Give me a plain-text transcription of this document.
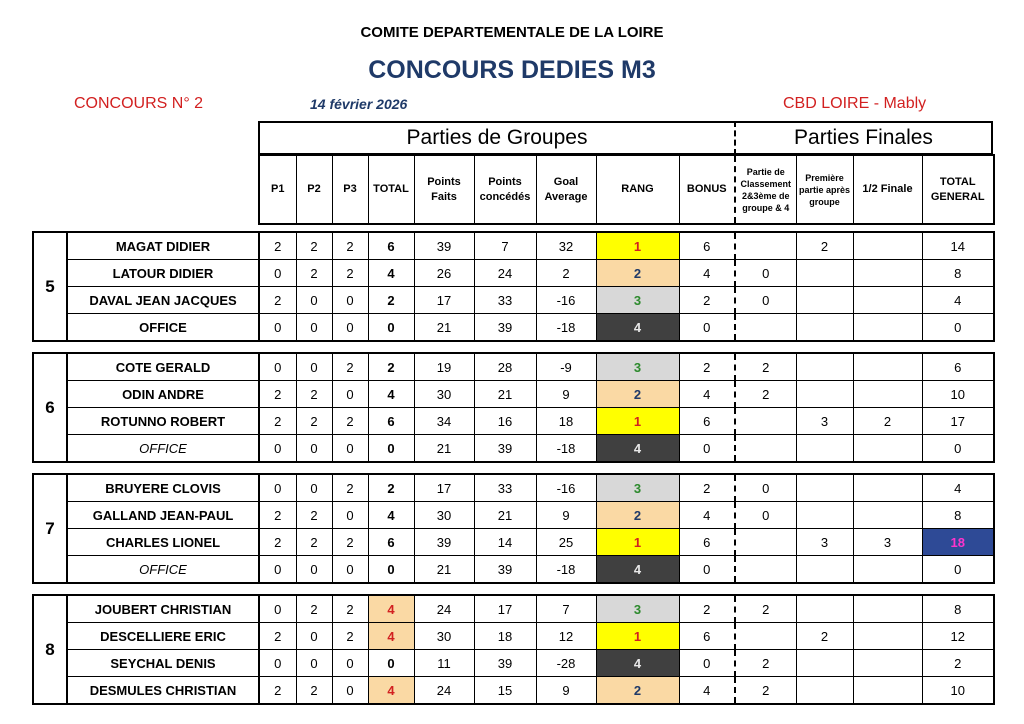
COMITE DEPARTEMENTALE DE LA LOIRE
CONCOURS DEDIES M3
CONCOURS N° 2	14 février 2026	CBD LOIRE - Mably
Parties de Groupes	Parties Finales
P1	P2	P3	TOTAL	Points Faits	Points concédés	Goal Average	RANG	BONUS	Partie de Classement 2&3ème de groupe & 4	Première partie après groupe	1/2 Finale	TOTAL GENERAL
5	MAGAT DIDIER	2	2	2	6	39	7	32	1	6		2		14
	LATOUR DIDIER	0	2	2	4	26	24	2	2	4	0			8
	DAVAL JEAN JACQUES	2	0	0	2	17	33	-16	3	2	0			4
	OFFICE	0	0	0	0	21	39	-18	4	0				0
6	COTE GERALD	0	0	2	2	19	28	-9	3	2	2			6
	ODIN ANDRE	2	2	0	4	30	21	9	2	4	2			10
	ROTUNNO ROBERT	2	2	2	6	34	16	18	1	6		3	2	17
	OFFICE	0	0	0	0	21	39	-18	4	0				0
7	BRUYERE CLOVIS	0	0	2	2	17	33	-16	3	2	0			4
	GALLAND JEAN-PAUL	2	2	0	4	30	21	9	2	4	0			8
	CHARLES LIONEL	2	2	2	6	39	14	25	1	6		3	3	18
	OFFICE	0	0	0	0	21	39	-18	4	0				0
8	JOUBERT CHRISTIAN	0	2	2	4	24	17	7	3	2	2			8
	DESCELLIERE ERIC	2	0	2	4	30	18	12	1	6		2		12
	SEYCHAL DENIS	0	0	0	0	11	39	-28	4	0	2			2
	DESMULES CHRISTIAN	2	2	0	4	24	15	9	2	4	2			10
